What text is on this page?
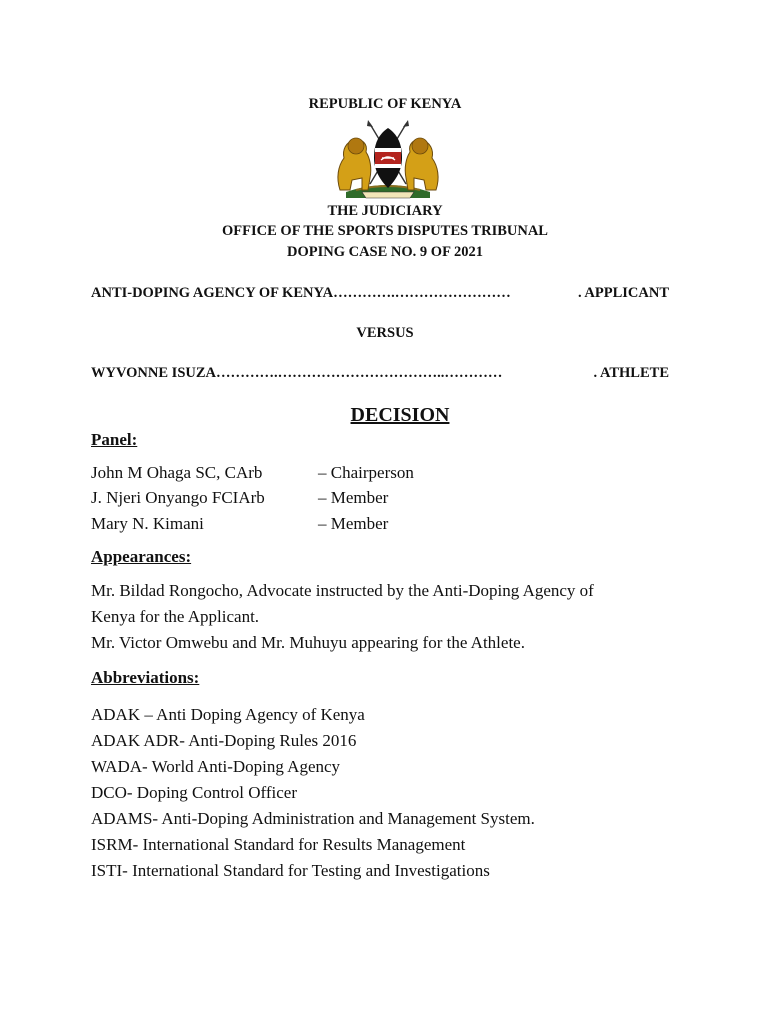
REPUBLIC OF KENYA
THE JUDICIARY
OFFICE OF THE SPORTS DISPUTES TRIBUNAL
DOPING CASE NO. 9 OF 2021
ANTI-DOPING AGENCY OF KENYA ………….……………………	. APPLICANT
VERSUS
WYVONNE ISUZA ………….……………………………..…………	. ATHLETE
DECISION
Panel:
John M Ohaga SC, CArb	– Chairperson
J. Njeri Onyango FCIArb	– Member
Mary N. Kimani	– Member
Appearances:
Mr. Bildad Rongocho, Advocate instructed by the Anti-Doping Agency of
Kenya for the Applicant.
Mr. Victor Omwebu and Mr. Muhuyu appearing for the Athlete.
Abbreviations:
ADAK – Anti Doping Agency of Kenya
ADAK ADR- Anti-Doping Rules 2016
WADA- World Anti-Doping Agency
DCO- Doping Control Officer
ADAMS- Anti-Doping Administration and Management System.
ISRM- International Standard for Results Management
ISTI- International Standard for Testing and Investigations
